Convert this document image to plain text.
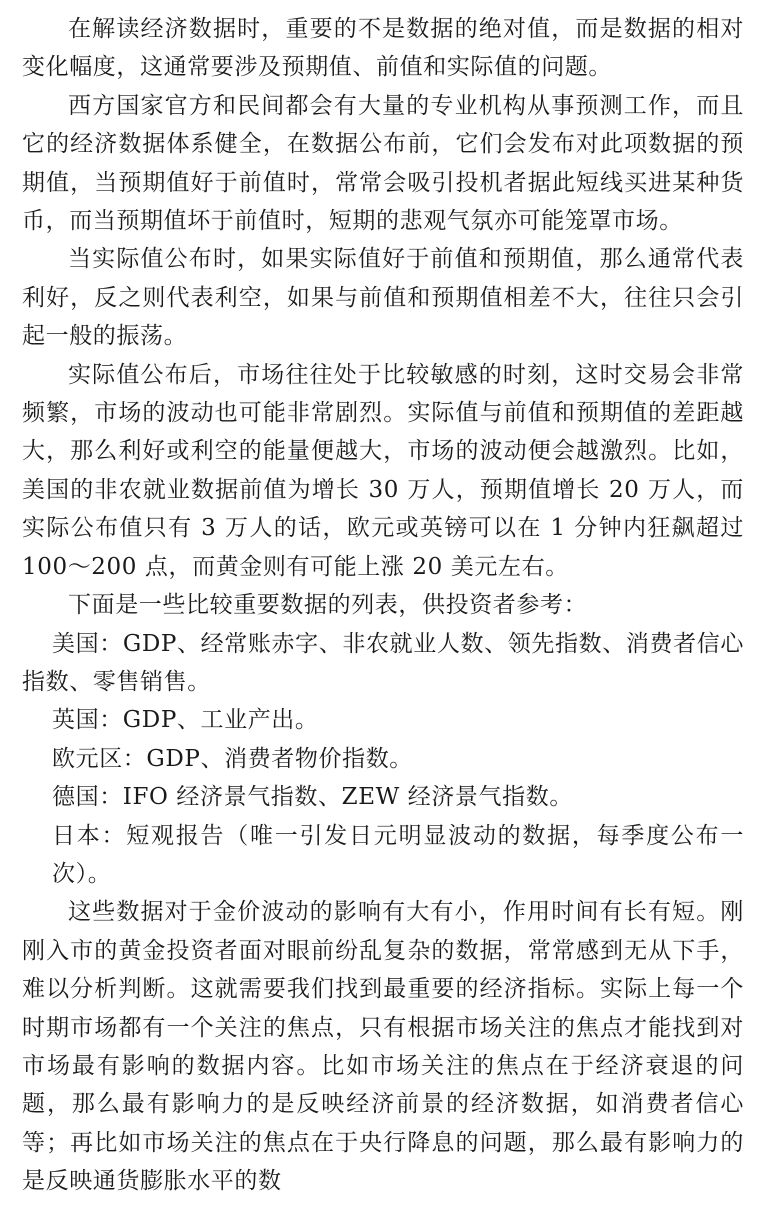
在解读经济数据时，重要的不是数据的绝对值，而是数据的相对变化幅度，这通常要涉及预期值、前值和实际值的问题。

西方国家官方和民间都会有大量的专业机构从事预测工作，而且它的经济数据体系健全，在数据公布前，它们会发布对此项数据的预期值，当预期值好于前值时，常常会吸引投机者据此短线买进某种货币，而当预期值坏于前值时，短期的悲观气氛亦可能笼罩市场。

当实际值公布时，如果实际值好于前值和预期值，那么通常代表利好，反之则代表利空，如果与前值和预期值相差不大，往往只会引起一般的振荡。

实际值公布后，市场往往处于比较敏感的时刻，这时交易会非常频繁，市场的波动也可能非常剧烈。实际值与前值和预期值的差距越大，那么利好或利空的能量便越大，市场的波动便会越激烈。比如，美国的非农就业数据前值为增长 30 万人，预期值增长 20 万人，而实际公布值只有 3 万人的话，欧元或英镑可以在 1 分钟内狂飙超过 100～200 点，而黄金则有可能上涨 20 美元左右。

下面是一些比较重要数据的列表，供投资者参考：

美国：GDP、经常账赤字、非农就业人数、领先指数、消费者信心指数、零售销售。

英国：GDP、工业产出。

欧元区：GDP、消费者物价指数。

德国：IFO 经济景气指数、ZEW 经济景气指数。

日本：短观报告（唯一引发日元明显波动的数据，每季度公布一次）。

这些数据对于金价波动的影响有大有小，作用时间有长有短。刚刚入市的黄金投资者面对眼前纷乱复杂的数据，常常感到无从下手，难以分析判断。这就需要我们找到最重要的经济指标。实际上每一个时期市场都有一个关注的焦点，只有根据市场关注的焦点才能找到对市场最有影响的数据内容。比如市场关注的焦点在于经济衰退的问题，那么最有影响力的是反映经济前景的经济数据，如消费者信心等；再比如市场关注的焦点在于央行降息的问题，那么最有影响力的是反映通货膨胀水平的数
